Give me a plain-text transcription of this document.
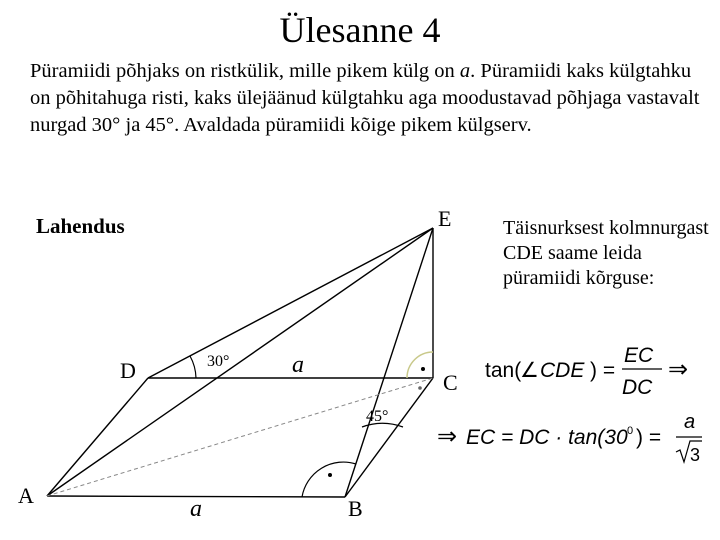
Ülesanne 4
Püramiidi põhjaks on ristkülik, mille pikem külg on a. Püramiidi kaks külgtahku on põhitahuga risti, kaks ülejäänud külgtahku aga moodustavad põhjaga vastavalt nurgad 30° ja 45°. Avaldada püramiidi kõige pikem külgserv.
Lahendus	Täisnurksest kolmnurgast CDE saame leida püramiidi kõrguse:
A
B
C
D
E
30°
45°
a
a
tan(
∠ CDE ) =
EC
DC
⇒
⇒ EC = DC · tan(30 0 ) =
a
3
